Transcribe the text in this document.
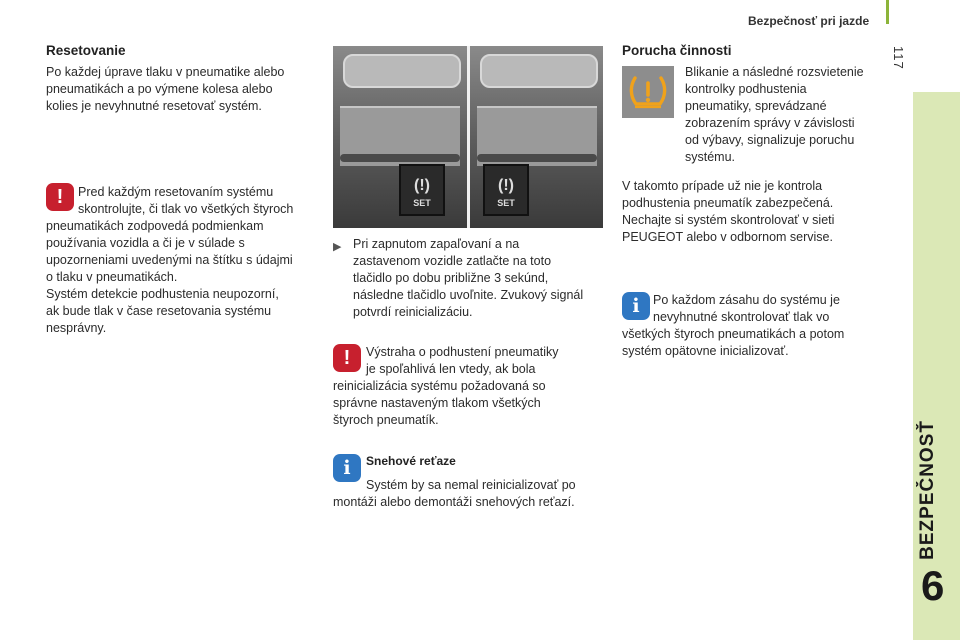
Bezpečnosť pri jazde
117
BEZPEČNOSŤ
6
Resetovanie

Po každej úprave tlaku v pneumatike alebo pneumatikách a po výmene kolesa alebo kolies je nevyhnutné resetovať systém.

!	Pred každým resetovaním systému

skontrolujte, či tlak vo všetkých štyroch

pneumatikách zodpovedá podmienkam

používania vozidla a či je v súlade s

upozorneniami uvedenými na štítku s údajmi

o tlaku v pneumatikách.

Systém detekcie podhustenia neupozorní,

ak bude tlak v čase resetovania systému

nesprávny.

(!)
SET
(!)
SET
▶ Pri zapnutom zapaľovaní a na

zastavenom vozidle zatlačte na toto

tlačidlo po dobu približne 3 sekúnd,

následne tlačidlo uvoľnite. Zvukový signál

potvrdí reinicializáciu.

!	Výstraha o podhustení pneumatiky

je spoľahlivá len vtedy, ak bola

reinicializácia systému požadovaná so

správne nastaveným tlakom všetkých

štyroch pneumatík.

i	Snehové reťaze

Systém by sa nemal reinicializovať po

montáži alebo demontáži snehových reťazí.

Porucha činnosti

Blikanie a následné rozsvietenie

kontrolky podhustenia

pneumatiky, sprevádzané

zobrazením správy v závislosti

od výbavy, signalizuje poruchu

systému.

V takomto prípade už nie je kontrola

podhustenia pneumatík zabezpečená.

Nechajte si systém skontrolovať v sieti

PEUGEOT alebo v odbornom servise.

i	Po každom zásahu do systému je

nevyhnutné skontrolovať tlak vo

všetkých štyroch pneumatikách a potom

systém opätovne inicializovať.
